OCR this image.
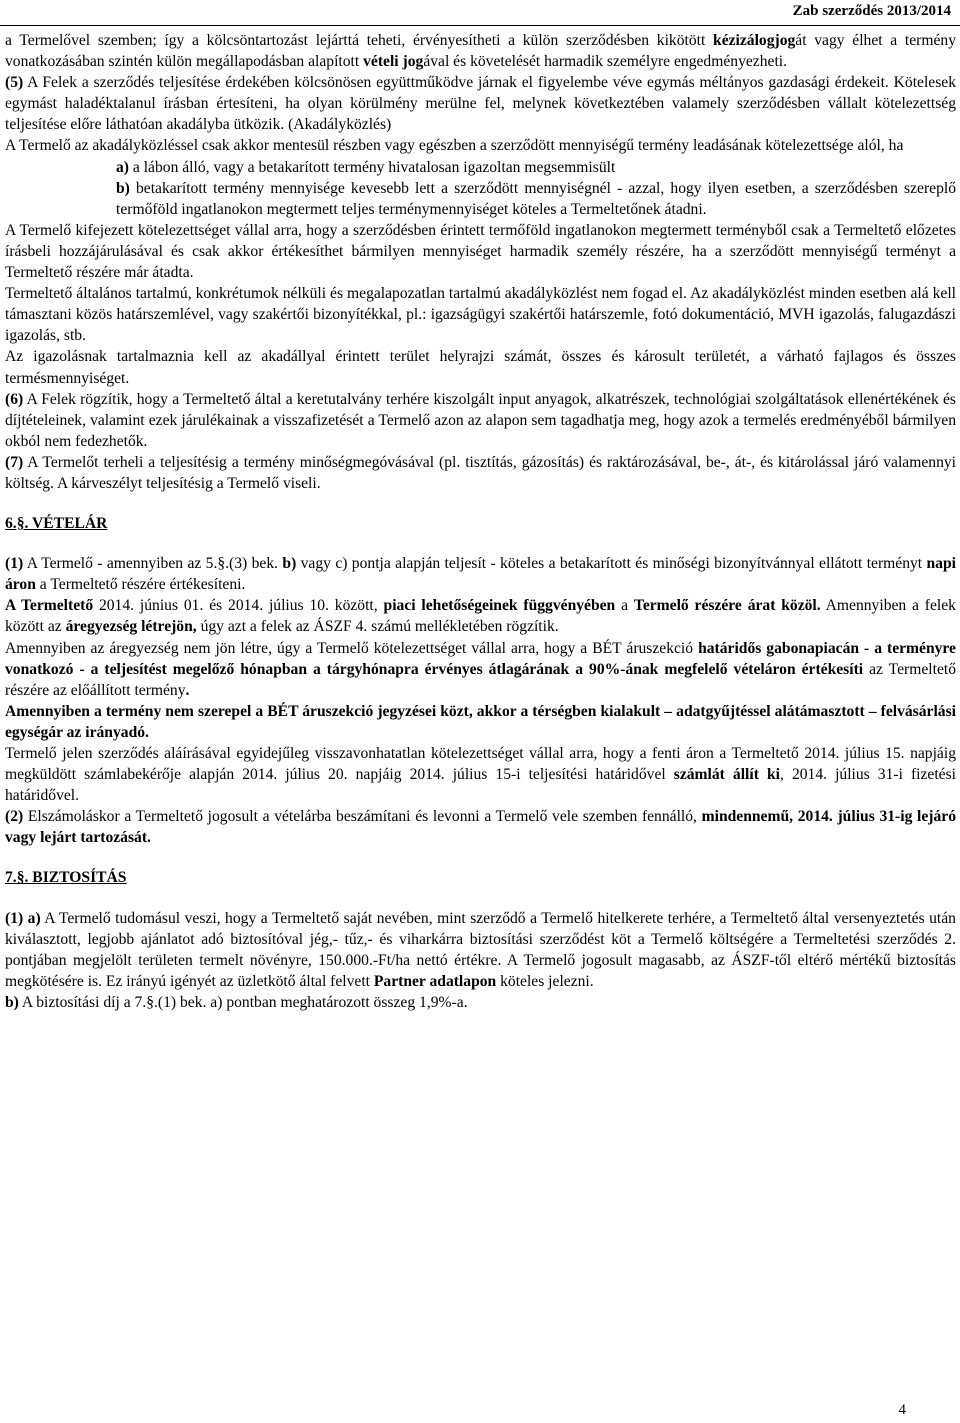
Zab szerződés 2013/2014

a Termelővel szemben; így a kölcsöntartozást lejárttá teheti, érvényesítheti a külön szerződésben kikötött kézizálogjogát vagy élhet a termény vonatkozásában szintén külön megállapodásban alapított vételi jogával és követelését harmadik személyre engedményezheti.

(5) A Felek a szerződés teljesítése érdekében kölcsönösen együttműködve járnak el figyelembe véve egymás méltányos gazdasági érdekeit. Kötelesek egymást haladéktalanul írásban értesíteni, ha olyan körülmény merülne fel, melynek következtében valamely szerződésben vállalt kötelezettség teljesítése előre láthatóan akadályba ütközik. (Akadályközlés)

A Termelő az akadályközléssel csak akkor mentesül részben vagy egészben a szerződött mennyiségű termény leadásának kötelezettsége alól, ha

a) a lábon álló, vagy a betakarított termény hivatalosan igazoltan megsemmisült

b) betakarított termény mennyisége kevesebb lett a szerződött mennyiségnél - azzal, hogy ilyen esetben, a szerződésben szereplő termőföld ingatlanokon megtermett teljes terménymennyiséget köteles a Termeltetőnek átadni.

A Termelő kifejezett kötelezettséget vállal arra, hogy a szerződésben érintett termőföld ingatlanokon megtermett terményből csak a Termeltető előzetes írásbeli hozzájárulásával és csak akkor értékesíthet bármilyen mennyiséget harmadik személy részére, ha a szerződött mennyiségű terményt a Termeltető részére már átadta.

Termeltető általános tartalmú, konkrétumok nélküli és megalapozatlan tartalmú akadályközlést nem fogad el. Az akadályközlést minden esetben alá kell támasztani közös határszemlével, vagy szakértői bizonyítékkal, pl.: igazságügyi szakértői határszemle, fotó dokumentáció, MVH igazolás, falugazdászi igazolás, stb.

Az igazolásnak tartalmaznia kell az akadállyal érintett terület helyrajzi számát, összes és károsult területét, a várható fajlagos és összes termésmennyiséget.

(6) A Felek rögzítik, hogy a Termeltető által a keretutalvány terhére kiszolgált input anyagok, alkatrészek, technológiai szolgáltatások ellenértékének és díjtételeinek, valamint ezek járulékainak a visszafizetését a Termelő azon az alapon sem tagadhatja meg, hogy azok a termelés eredményéből bármilyen okból nem fedezhetők.

(7) A Termelőt terheli a teljesítésig a termény minőségmegóvásával (pl. tisztítás, gázosítás) és raktározásával, be-, át-, és kitárolással járó valamennyi költség. A kárveszélyt teljesítésig a Termelő viseli.

6.§. VÉTELÁR

(1) A Termelő - amennyiben az 5.§.(3) bek. b) vagy c) pontja alapján teljesít - köteles a betakarított és minőségi bizonyítvánnyal ellátott terményt napi áron a Termeltető részére értékesíteni.

A Termeltető 2014. június 01. és 2014. július 10. között, piaci lehetőségeinek függvényében a Termelő részére árat közöl. Amennyiben a felek között az áregyezség létrejön, úgy azt a felek az ÁSZF 4. számú mellékletében rögzítik.

Amennyiben az áregyezség nem jön létre, úgy a Termelő kötelezettséget vállal arra, hogy a BÉT áruszekció határidős gabonapiacán - a terményre vonatkozó - a teljesítést megelőző hónapban a tárgyhónapra érvényes átlagárának a 90%-ának megfelelő vételáron értékesíti az Termeltető részére az előállított termény.

Amennyiben a termény nem szerepel a BÉT áruszekció jegyzései közt, akkor a térségben kialakult – adatgyűjtéssel alátámasztott – felvásárlási egységár az irányadó.

Termelő jelen szerződés aláírásával egyidejűleg visszavonhatatlan kötelezettséget vállal arra, hogy a fenti áron a Termeltető 2014. július 15. napjáig megküldött számlabekérője alapján 2014. július 20. napjáig 2014. július 15-i teljesítési határidővel számlát állít ki, 2014. július 31-i fizetési határidővel.

(2) Elszámoláskor a Termeltető jogosult a vételárba beszámítani és levonni a Termelő vele szemben fennálló, mindennemű, 2014. július 31-ig lejáró vagy lejárt tartozását.

7.§. BIZTOSÍTÁS

(1) a) A Termelő tudomásul veszi, hogy a Termeltető saját nevében, mint szerződő a Termelő hitelkerete terhére, a Termeltető által versenyeztetés után kiválasztott, legjobb ajánlatot adó biztosítóval jég,- tűz,- és viharkárra biztosítási szerződést köt a Termelő költségére a Termeltetési szerződés 2. pontjában megjelölt területen termelt növényre, 150.000.-Ft/ha nettó értékre. A Termelő jogosult magasabb, az ÁSZF-től eltérő mértékű biztosítás megkötésére is. Ez irányú igényét az üzletkötő által felvett Partner adatlapon köteles jelezni.

b) A biztosítási díj a 7.§.(1) bek. a) pontban meghatározott összeg 1,9%-a.

4
